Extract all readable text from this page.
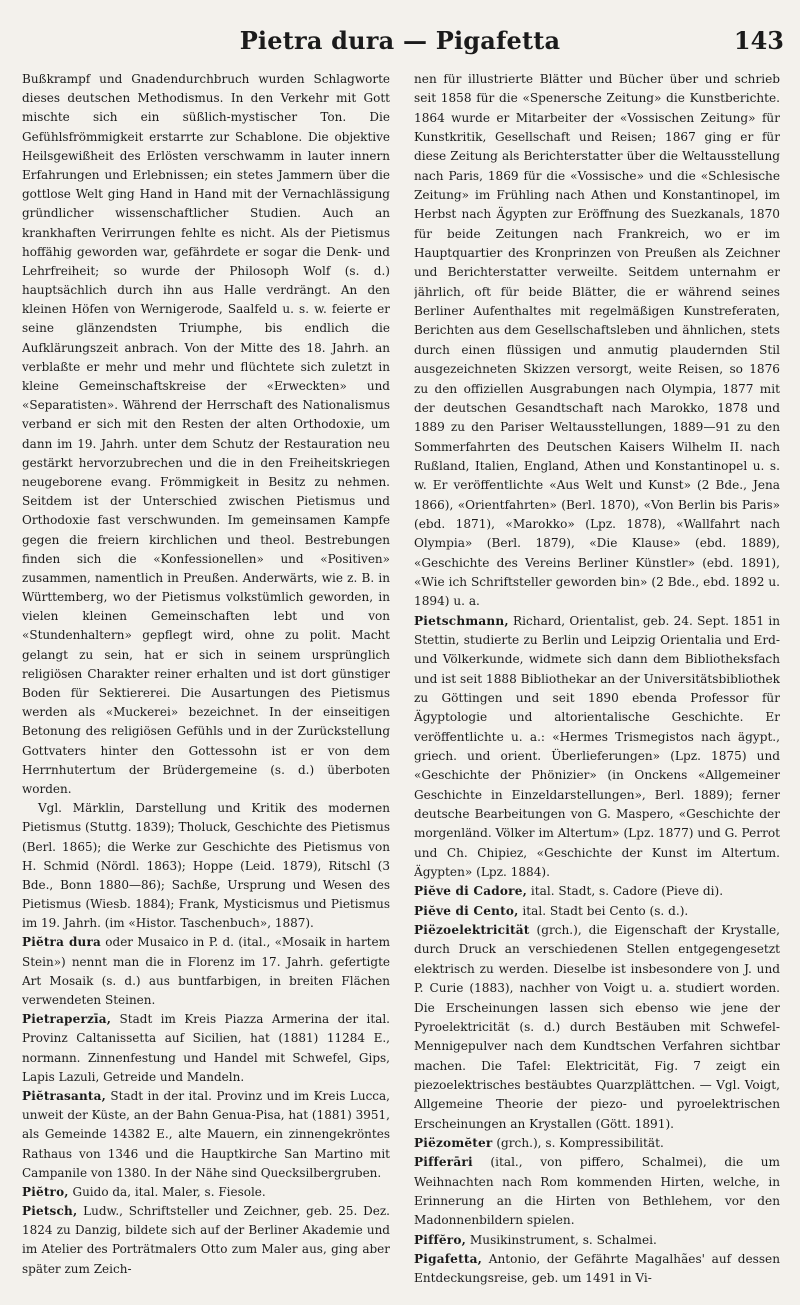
Pietra dura — Pigafetta	143

Bußkrampf und Gnadendurchbruch wurden Schlagworte dieses deutschen Methodismus. In den Verkehr mit Gott mischte sich ein süßlich-mystischer Ton. Die Gefühlsfrömmigkeit erstarrte zur Schablone. Die objektive Heilsgewißheit des Erlösten verschwamm in lauter innern Erfahrungen und Erlebnissen; ein stetes Jammern über die gottlose Welt ging Hand in Hand mit der Vernachlässigung gründlicher wissenschaftlicher Studien. Auch an krankhaften Verirrungen fehlte es nicht. Als der Pietismus hoffähig geworden war, gefährdete er sogar die Denk- und Lehrfreiheit; so wurde der Philosoph Wolf (s. d.) hauptsächlich durch ihn aus Halle verdrängt. An den kleinen Höfen von Wernigerode, Saalfeld u. s. w. feierte er seine glänzendsten Triumphe, bis endlich die Aufklärungszeit anbrach. Von der Mitte des 18. Jahrh. an verblaßte er mehr und mehr und flüchtete sich zuletzt in kleine Gemeinschaftskreise der «Erweckten» und «Separatisten». Während der Herrschaft des Nationalismus verband er sich mit den Resten der alten Orthodoxie, um dann im 19. Jahrh. unter dem Schutz der Restauration neu gestärkt hervorzubrechen und die in den Freiheitskriegen neugeborene evang. Frömmigkeit in Besitz zu nehmen. Seitdem ist der Unterschied zwischen Pietismus und Orthodoxie fast verschwunden. Im gemeinsamen Kampfe gegen die freiern kirchlichen und theol. Bestrebungen finden sich die «Konfessionellen» und «Positiven» zusammen, namentlich in Preußen. Anderwärts, wie z. B. in Württemberg, wo der Pietismus volkstümlich geworden, in vielen kleinen Gemeinschaften lebt und von «Stundenhaltern» gepflegt wird, ohne zu polit. Macht gelangt zu sein, hat er sich in seinem ursprünglich religiösen Charakter reiner erhalten und ist dort günstiger Boden für Sektiererei. Die Ausartungen des Pietismus werden als «Muckerei» bezeichnet. In der einseitigen Betonung des religiösen Gefühls und in der Zurückstellung Gottvaters hinter den Gottessohn ist er von dem Herrnhutertum der Brüdergemeine (s. d.) überboten worden.

Vgl. Märklin, Darstellung und Kritik des modernen Pietismus (Stuttg. 1839); Tholuck, Geschichte des Pietismus (Berl. 1865); die Werke zur Geschichte des Pietismus von H. Schmid (Nördl. 1863); Hoppe (Leid. 1879), Ritschl (3 Bde., Bonn 1880—86); Sachße, Ursprung und Wesen des Pietismus (Wiesb. 1884); Frank, Mysticismus und Pietismus im 19. Jahrh. (im «Histor. Taschenbuch», 1887).

Piĕtra dura oder Musaico in P. d. (ital., «Mosaik in hartem Stein») nennt man die in Florenz im 17. Jahrh. gefertigte Art Mosaik (s. d.) aus buntfarbigen, in breiten Flächen verwendeten Steinen.

Pietraperzīa, Stadt im Kreis Piazza Armerina der ital. Provinz Caltanissetta auf Sicilien, hat (1881) 11284 E., normann. Zinnenfestung und Handel mit Schwefel, Gips, Lapis Lazuli, Getreide und Mandeln.

Piĕtrasanta, Stadt in der ital. Provinz und im Kreis Lucca, unweit der Küste, an der Bahn Genua-Pisa, hat (1881) 3951, als Gemeinde 14382 E., alte Mauern, ein zinnengekröntes Rathaus von 1346 und die Hauptkirche San Martino mit Campanile von 1380. In der Nähe sind Quecksilbergruben.

Piĕtro, Guido da, ital. Maler, s. Fiesole.

Pietsch, Ludw., Schriftsteller und Zeichner, geb. 25. Dez. 1824 zu Danzig, bildete sich auf der Berliner Akademie und im Atelier des Porträtmalers Otto zum Maler aus, ging aber später zum Zeich-

nen für illustrierte Blätter und Bücher über und schrieb seit 1858 für die «Spenersche Zeitung» die Kunstberichte. 1864 wurde er Mitarbeiter der «Vossischen Zeitung» für Kunstkritik, Gesellschaft und Reisen; 1867 ging er für diese Zeitung als Berichterstatter über die Weltausstellung nach Paris, 1869 für die «Vossische» und die «Schlesische Zeitung» im Frühling nach Athen und Konstantinopel, im Herbst nach Ägypten zur Eröffnung des Suezkanals, 1870 für beide Zeitungen nach Frankreich, wo er im Hauptquartier des Kronprinzen von Preußen als Zeichner und Berichterstatter verweilte. Seitdem unternahm er jährlich, oft für beide Blätter, die er während seines Berliner Aufenthaltes mit regelmäßigen Kunstreferaten, Berichten aus dem Gesellschaftsleben und ähnlichen, stets durch einen flüssigen und anmutig plaudernden Stil ausgezeichneten Skizzen versorgt, weite Reisen, so 1876 zu den offiziellen Ausgrabungen nach Olympia, 1877 mit der deutschen Gesandtschaft nach Marokko, 1878 und 1889 zu den Pariser Weltausstellungen, 1889—91 zu den Sommerfahrten des Deutschen Kaisers Wilhelm II. nach Rußland, Italien, England, Athen und Konstantinopel u. s. w. Er veröffentlichte «Aus Welt und Kunst» (2 Bde., Jena 1866), «Orientfahrten» (Berl. 1870), «Von Berlin bis Paris» (ebd. 1871), «Marokko» (Lpz. 1878), «Wallfahrt nach Olympia» (Berl. 1879), «Die Klause» (ebd. 1889), «Geschichte des Vereins Berliner Künstler» (ebd. 1891), «Wie ich Schriftsteller geworden bin» (2 Bde., ebd. 1892 u. 1894) u. a.

Pietschmann, Richard, Orientalist, geb. 24. Sept. 1851 in Stettin, studierte zu Berlin und Leipzig Orientalia und Erd- und Völkerkunde, widmete sich dann dem Bibliotheksfach und ist seit 1888 Bibliothekar an der Universitätsbibliothek zu Göttingen und seit 1890 ebenda Professor für Ägyptologie und altorientalische Geschichte. Er veröffentlichte u. a.: «Hermes Trismegistos nach ägypt., griech. und orient. Überlieferungen» (Lpz. 1875) und «Geschichte der Phönizier» (in Onckens «Allgemeiner Geschichte in Einzeldarstellungen», Berl. 1889); ferner deutsche Bearbeitungen von G. Maspero, «Geschichte der morgenländ. Völker im Altertum» (Lpz. 1877) und G. Perrot und Ch. Chipiez, «Geschichte der Kunst im Altertum. Ägypten» (Lpz. 1884).

Piĕve di Cadore, ital. Stadt, s. Cadore (Pieve di).

Piĕve di Cento, ital. Stadt bei Cento (s. d.).

Piëzoelektricität (grch.), die Eigenschaft der Krystalle, durch Druck an verschiedenen Stellen entgegengesetzt elektrisch zu werden. Dieselbe ist insbesondere von J. und P. Curie (1883), nachher von Voigt u. a. studiert worden. Die Erscheinungen lassen sich ebenso wie jene der Pyroelektricität (s. d.) durch Bestäuben mit Schwefel-Mennigepulver nach dem Kundtschen Verfahren sichtbar machen. Die Tafel: Elektricität, Fig. 7 zeigt ein piezoelektrisches bestäubtes Quarzplättchen. — Vgl. Voigt, Allgemeine Theorie der piezo- und pyroelektrischen Erscheinungen an Krystallen (Gött. 1891).

Piëzomĕter (grch.), s. Kompressibilität.

Pifferāri (ital., von piffero, Schalmei), die um Weihnachten nach Rom kommenden Hirten, welche, in Erinnerung an die Hirten von Bethlehem, vor den Madonnenbildern spielen.

Piffĕro, Musikinstrument, s. Schalmei.

Pigafetta, Antonio, der Gefährte Magalhães' auf dessen Entdeckungsreise, geb. um 1491 in Vi-
